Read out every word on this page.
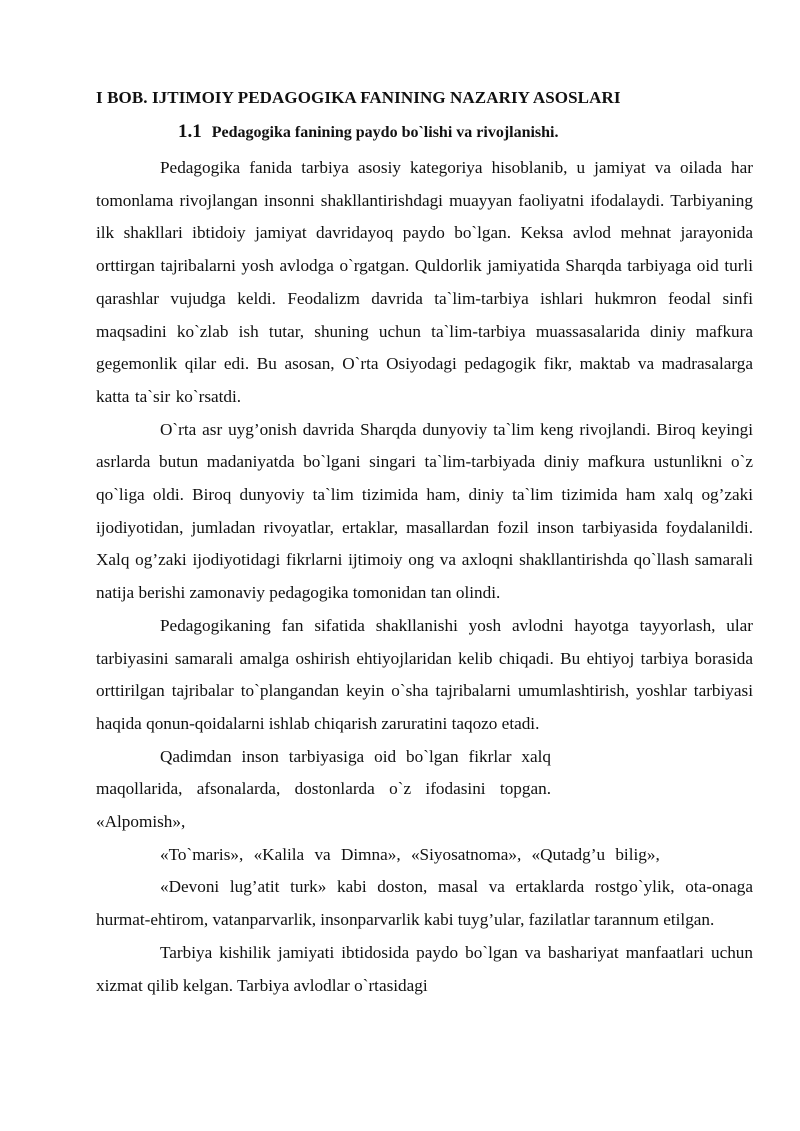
I BOB. IJTIMOIY PEDAGOGIKA FANINING NAZARIY ASOSLARI
1.1 Pedagogika fanining paydo bo`lishi va rivojlanishi.

Pedagogika fanida tarbiya asosiy kategoriya hisoblanib, u jamiyat va oilada har tomonlama rivojlangan insonni shakllantirishdagi muayyan faoliyatni ifodalaydi. Tarbiyaning ilk shakllari ibtidoiy jamiyat davridayoq paydo bo`lgan. Keksa avlod mehnat jarayonida orttirgan tajribalarni yosh avlodga o`rgatgan. Quldorlik jamiyatida Sharqda tarbiyaga oid turli qarashlar vujudga keldi. Feodalizm davrida ta`lim-tarbiya ishlari hukmron feodal sinfi maqsadini ko`zlab ish tutar, shuning uchun ta`lim-tarbiya muassasalarida diniy mafkura gegemonlik qilar edi. Bu asosan, O`rta Osiyodagi pedagogik fikr, maktab va madrasalarga katta ta`sir ko`rsatdi.

O`rta asr uyg’onish davrida Sharqda dunyoviy ta`lim keng rivojlandi. Biroq keyingi asrlarda butun madaniyatda bo`lgani singari ta`lim-tarbiyada diniy mafkura ustunlikni o`z qo`liga oldi. Biroq dunyoviy ta`lim tizimida ham, diniy ta`lim tizimida ham xalq og’zaki ijodiyotidan, jumladan rivoyatlar, ertaklar, masallardan fozil inson tarbiyasida foydalanildi. Xalq og’zaki ijodiyotidagi fikrlarni ijtimoiy ong va axloqni shakllantirishda qo`llash samarali natija berishi zamonaviy pedagogika tomonidan tan olindi.

Pedagogikaning fan sifatida shakllanishi yosh avlodni hayotga tayyorlash, ular tarbiyasini samarali amalga oshirish ehtiyojlaridan kelib chiqadi. Bu ehtiyoj tarbiya borasida orttirilgan tajribalar to`plangandan keyin o`sha tajribalarni umumlashtirish, yoshlar tarbiyasi haqida qonun-qoidalarni ishlab chiqarish zaruratini taqozo etadi.

Qadimdan inson tarbiyasiga oid bo`lgan fikrlar xalq maqollarida, afsonalarda, dostonlarda o`z ifodasini topgan. «Alpomish»,

«To`maris», «Kalila va Dimna», «Siyosatnoma», «Qutadg’u bilig»,

«Devoni lug’atit turk» kabi doston, masal va ertaklarda rostgo`ylik, ota-onaga hurmat-ehtirom, vatanparvarlik, insonparvarlik kabi tuyg’ular, fazilatlar tarannum etilgan.

Tarbiya kishilik jamiyati ibtidosida paydo bo`lgan va bashariyat manfaatlari uchun xizmat qilib kelgan. Tarbiya avlodlar o`rtasidagi
